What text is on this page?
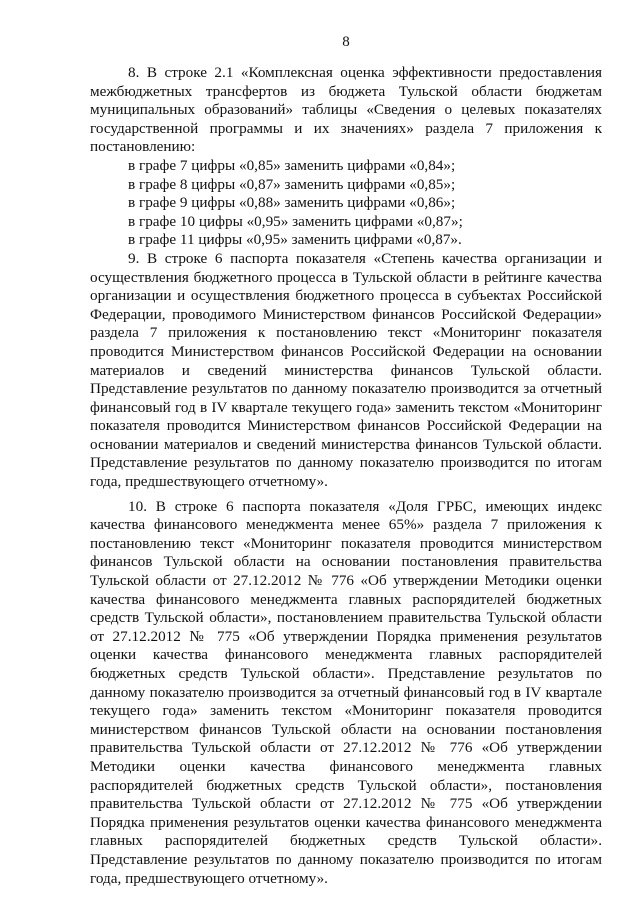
8

8. В строке 2.1 «Комплексная оценка эффективности предоставления межбюджетных трансфертов из бюджета Тульской области бюджетам муниципальных образований» таблицы «Сведения о целевых показателях государственной программы и их значениях» раздела 7 приложения к постановлению:

в графе 7 цифры «0,85» заменить цифрами «0,84»;

в графе 8 цифры «0,87» заменить цифрами «0,85»;

в графе 9 цифры «0,88» заменить цифрами «0,86»;

в графе 10 цифры «0,95» заменить цифрами «0,87»;

в графе 11 цифры «0,95» заменить цифрами «0,87».

9. В строке 6 паспорта показателя «Степень качества организации и осуществления бюджетного процесса в Тульской области в рейтинге качества организации и осуществления бюджетного процесса в субъектах Российской Федерации, проводимого Министерством финансов Российской Федерации» раздела 7 приложения к постановлению текст «Мониторинг показателя проводится Министерством финансов Российской Федерации на основании материалов и сведений министерства финансов Тульской области. Представление результатов по данному показателю производится за отчетный финансовый год в IV квартале текущего года» заменить текстом «Мониторинг показателя проводится Министерством финансов Российской Федерации на основании материалов и сведений министерства финансов Тульской области. Представление результатов по данному показателю производится по итогам года, предшествующего отчетному».

10. В строке 6 паспорта показателя «Доля ГРБС, имеющих индекс качества финансового менеджмента менее 65%» раздела 7 приложения к постановлению текст «Мониторинг показателя проводится министерством финансов Тульской области на основании постановления правительства Тульской области от 27.12.2012 № 776 «Об утверждении Методики оценки качества финансового менеджмента главных распорядителей бюджетных средств Тульской области», постановлением правительства Тульской области от 27.12.2012 № 775 «Об утверждении Порядка применения результатов оценки качества финансового менеджмента главных распорядителей бюджетных средств Тульской области». Представление результатов по данному показателю производится за отчетный финансовый год в IV квартале текущего года» заменить текстом «Мониторинг показателя проводится министерством финансов Тульской области на основании постановления правительства Тульской области от 27.12.2012 № 776 «Об утверждении Методики оценки качества финансового менеджмента главных распорядителей бюджетных средств Тульской области», постановления правительства Тульской области от 27.12.2012 № 775 «Об утверждении Порядка применения результатов оценки качества финансового менеджмента главных распорядителей бюджетных средств Тульской области». Представление результатов по данному показателю производится по итогам года, предшествующего отчетному».
